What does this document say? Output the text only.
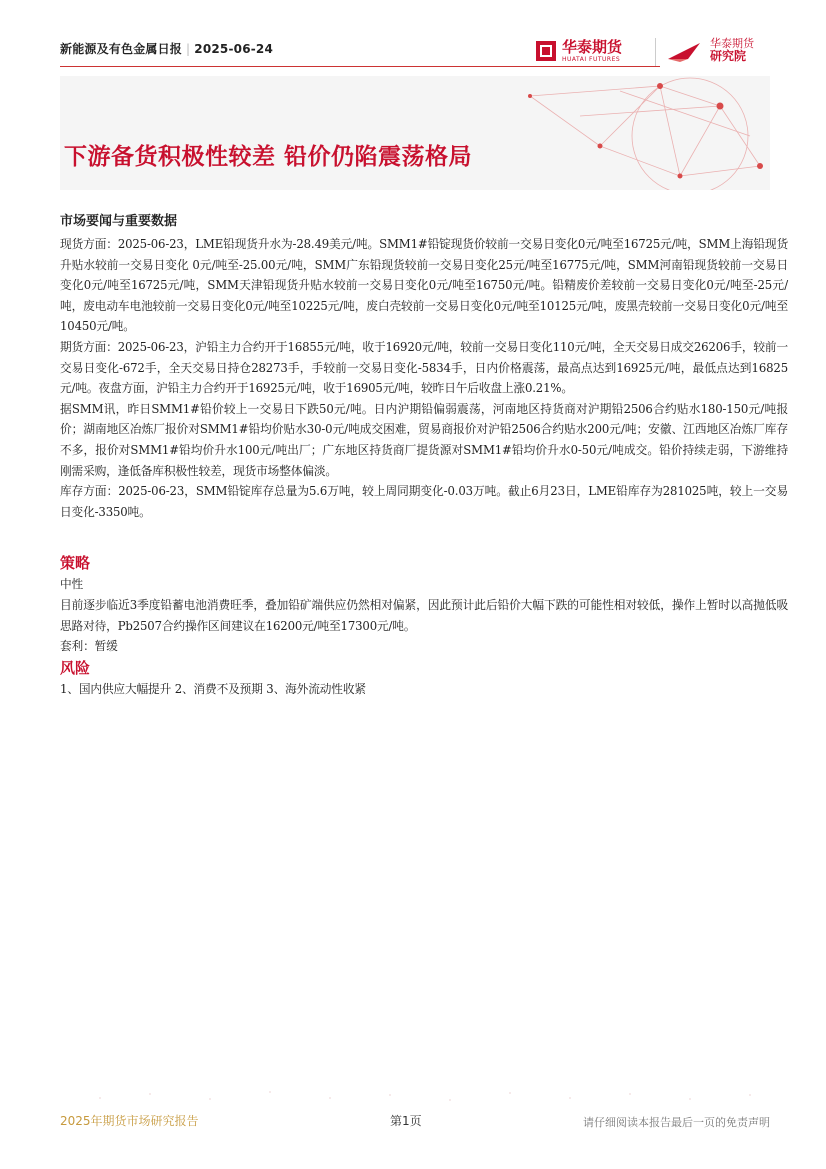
新能源及有色金属日报 | 2025-06-24	华泰期货
HUATAI FUTURES
华泰期货
研究院
下游备货积极性较差 铅价仍陷震荡格局
市场要闻与重要数据

现货方面：2025-06-23，LME铅现货升水为-28.49美元/吨。SMM1#铅锭现货价较前一交易日变化0元/吨至16725元/吨，SMM上海铅现货升贴水较前一交易日变化 0元/吨至-25.00元/吨，SMM广东铅现货较前一交易日变化25元/吨至16775元/吨，SMM河南铅现货较前一交易日变化0元/吨至16725元/吨，SMM天津铅现货升贴水较前一交易日变化0元/吨至16750元/吨。铅精废价差较前一交易日变化0元/吨至-25元/吨，废电动车电池较前一交易日变化0元/吨至10225元/吨，废白壳较前一交易日变化0元/吨至10125元/吨，废黑壳较前一交易日变化0元/吨至10450元/吨。

期货方面：2025-06-23，沪铅主力合约开于16855元/吨，收于16920元/吨，较前一交易日变化110元/吨，全天交易日成交26206手，较前一交易日变化-672手，全天交易日持仓28273手，手较前一交易日变化-5834手，日内价格震荡，最高点达到16925元/吨，最低点达到16825元/吨。夜盘方面，沪铅主力合约开于16925元/吨，收于16905元/吨，较昨日午后收盘上涨0.21%。

据SMM讯，昨日SMM1#铅价较上一交易日下跌50元/吨。日内沪期铅偏弱震荡，河南地区持货商对沪期铅2506合约贴水180-150元/吨报价；湖南地区冶炼厂报价对SMM1#铅均价贴水30-0元/吨成交困难，贸易商报价对沪铅2506合约贴水200元/吨；安徽、江西地区冶炼厂库存不多，报价对SMM1#铅均价升水100元/吨出厂；广东地区持货商厂提货源对SMM1#铅均价升水0-50元/吨成交。铅价持续走弱，下游维持刚需采购，逢低备库积极性较差，现货市场整体偏淡。

库存方面：2025-06-23，SMM铅锭库存总量为5.6万吨，较上周同期变化-0.03万吨。截止6月23日，LME铅库存为281025吨，较上一交易日变化-3350吨。

策略

中性

目前逐步临近3季度铅蓄电池消费旺季，叠加铅矿端供应仍然相对偏紧，因此预计此后铅价大幅下跌的可能性相对较低，操作上暂时以高抛低吸思路对待，Pb2507合约操作区间建议在16200元/吨至17300元/吨。

套利：暂缓

风险

1、国内供应大幅提升 2、消费不及预期 3、海外流动性收紧

2025年期货市场研究报告	第1页	请仔细阅读本报告最后一页的免责声明
